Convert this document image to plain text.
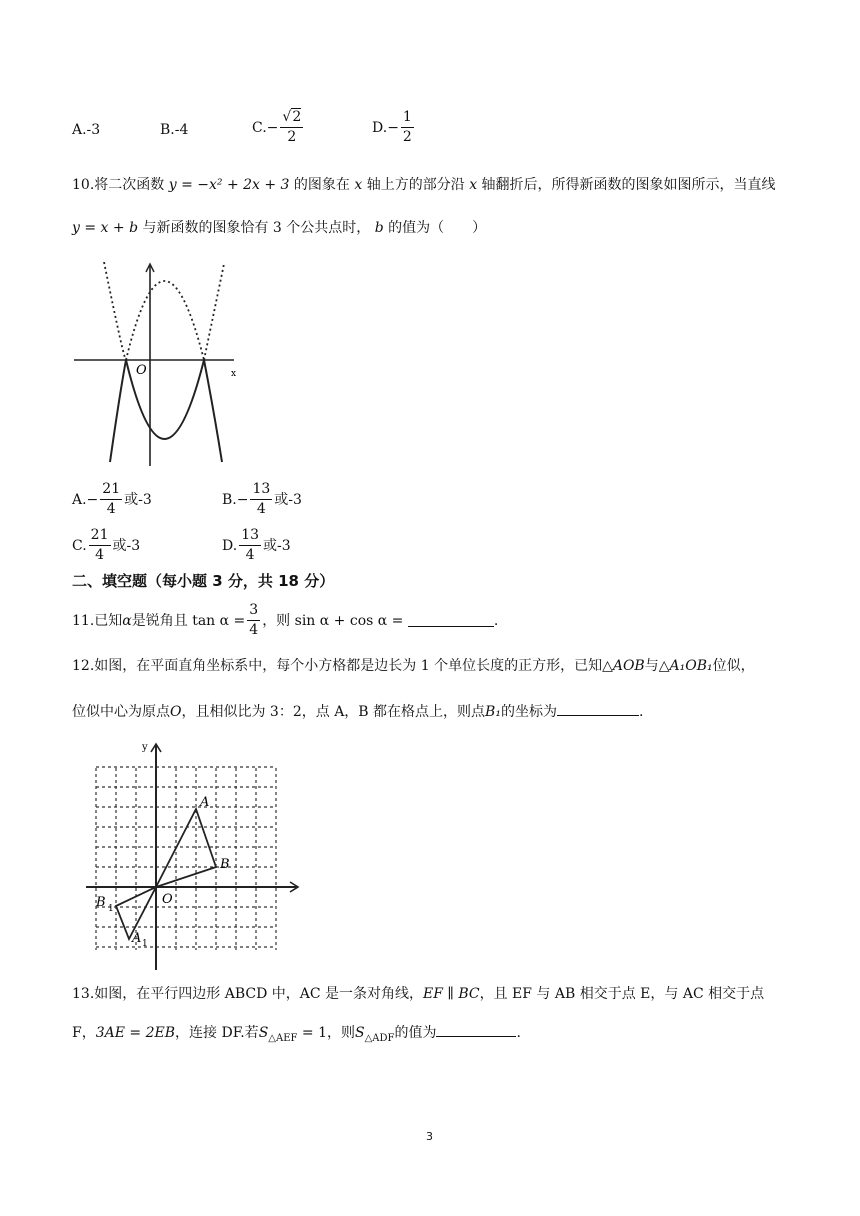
A.-3	B.-4	$C.- \frac{√2}{2}$	$D.- \frac{1}{2}$
10.将二次函数 y = −x² + 2x + 3 的图象在 x 轴上方的部分沿 x 轴翻折后，所得新函数的图象如图所示，当直线
y = x + b 与新函数的图象恰有 3 个公共点时， b 的值为（　　）
O	x
$A.- \frac{21}{4}$ 或-3	$B.- \frac{13}{4}$ 或-3
C. $\frac{21}{4}$ 或-3	D. $\frac{13}{4}$ 或-3
二、填空题（每小题 3 分，共 18 分）
11.已知α是锐角且 $\tan \alpha = \frac{3}{4}$ ，则 sin α + cos α =	.
12.如图，在平面直角坐标系中，每个小方格都是边长为 1 个单位长度的正方形，已知△AOB与△A₁OB₁位似，
位似中心为原点O，且相似比为 3：2，点 A，B 都在格点上，则点B₁的坐标为	.
A
B
B 1
A 1
O
y
13.如图，在平行四边形 ABCD 中，AC 是一条对角线，EF ∥ BC，且 EF 与 AB 相交于点 E，与 AC 相交于点
F，3AE = 2EB，连接 DF.若$S_{\triangle AEF} = 1$，则$S_{\triangle ADF}$的值为	.
3
